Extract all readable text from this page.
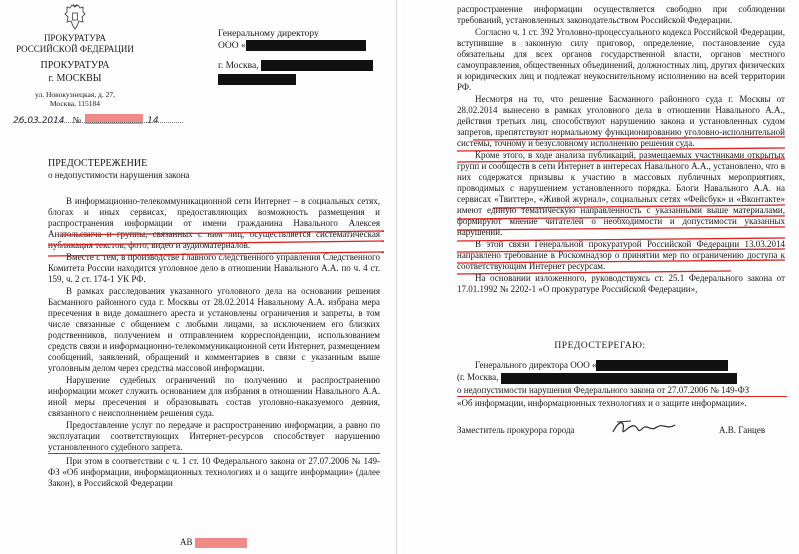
ПРОКУРАТУРА
РОССИЙСКОЙ ФЕДЕРАЦИИ
ПРОКУРАТУРА
г. МОСКВЫ
ул. Новокузнецкая, д. 27,
Москва, 115184
26.03.2014 №	14
Генеральному директору
ООО «
г. Москва,
ПРЕДОСТЕРЕЖЕНИЕ
о недопустимости нарушения закона

В информационно-телекоммуникационной сети Интернет – в социальных сетях, блогах и иных сервисах, предоставляющих возможность размещения и распространения информации от имени гражданина Навального Алексея Анатольевича и группы, связанных с ним лиц, осуществляется систематическая публикация текстов, фото, видео и аудиоматериалов.

Вместе с тем, в производстве Главного следственного управления Следственного Комитета России находится уголовное дело в отношении Навального А.А. по ч. 4 ст. 159, ч. 2 ст. 174-1 УК РФ.

В рамках расследования указанного уголовного дела на основании решения Басманного районного суда г. Москвы от 28.02.2014 Навальному А.А. избрана мера пресечения в виде домашнего ареста и установлены ограничения и запреты, в том числе связанные с общением с любыми лицами, за исключением его близких родственников, получением и отправлением корреспонденции, использованием средств связи и информационно-телекоммуникационной сети Интернет, размещением сообщений, заявлений, обращений и комментариев в связи с указанным выше уголовным делом через средства массовой информации.

Нарушение судебных ограничений по получению и распространению информации может служить основанием для избрания в отношении Навального А.А. иной меры пресечения и образовывать состав уголовно-наказуемого деяния, связанного с неисполнением решения суда.

Предоставление услуг по передаче и распространению информации, а равно по эксплуатации соответствующих Интернет-ресурсов способствует нарушению установленного судебного запрета.

При этом в соответствии с ч. 1 ст. 10 Федерального закона от 27.07.2006 № 149-ФЗ «Об информации, информационных технологиях и о защите информации» (далее Закон), в Российской Федерации

АВ

распространение информации осуществляется свободно при соблюдении требований, установленных законодательством Российской Федерации.

Согласно ч. 1 ст. 392 Уголовно-процессуального кодекса Российской Федерации, вступившие в законную силу приговор, определение, постановление суда обязательны для всех органов государственной власти, органов местного самоуправления, общественных объединений, должностных лиц, других физических и юридических лиц и подлежат неукоснительному исполнению на всей территории РФ.

Несмотря на то, что решение Басманного районного суда г. Москвы от 28.02.2014 вынесено в рамках уголовного дела в отношении Навального А.А., действия третьих лиц, способствуют нарушению закона и установленных судом запретов, препятствуют нормальному функционированию уголовно-исполнительной системы, точному и безусловному исполнению решения суда.

Кроме этого, в ходе анализа публикаций, размещаемых участниками открытых групп и сообществ в сети Интернет в интересах Навального А.А., установлено, что в них содержатся призывы к участию в массовых публичных мероприятиях, проводимых с нарушением установленного порядка. Блоги Навального А.А. на сервисах «Твиттер», «Живой журнал», социальных сетях «Фейсбук» и «Вконтакте» имеют единую тематическую направленность с указанными выше материалами, формируют мнение читателей о необходимости и допустимости указанных нарушений.

В этой связи Генеральной прокуратурой Российской Федерации 13.03.2014 направлено требование в Роскомнадзор о принятии мер по ограничению доступа к соответствующим Интернет ресурсам.

На основании изложенного, руководствуясь ст. 25.1 Федерального закона от 17.01.1992 № 2202-1 «О прокуратуре Российской Федерации»,

ПРЕДОСТЕРЕГАЮ:
Генерального директора ООО «
(г. Москва,
о недопустимости нарушения Федерального закона от 27.07.2006 № 149-ФЗ
«Об информации, информационных технологиях и о защите информации».
Заместитель прокурора города	А.В. Ганцев
